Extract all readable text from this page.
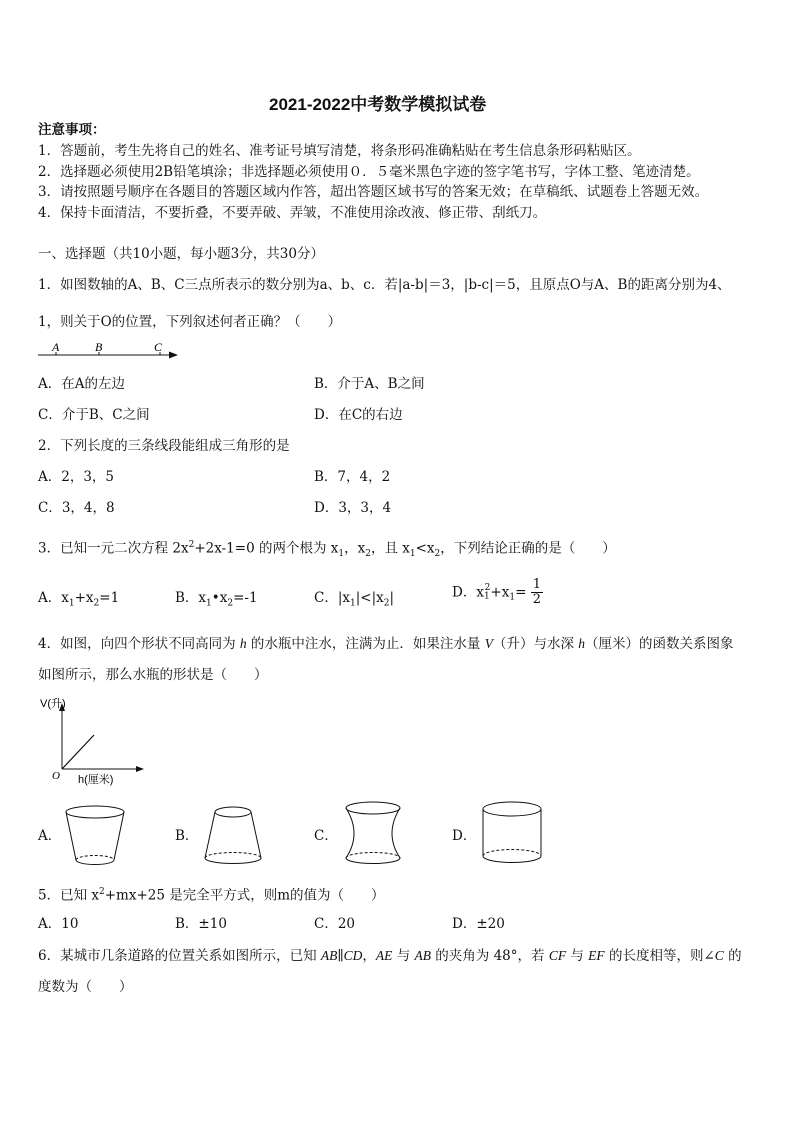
2021-2022中考数学模拟试卷
注意事项：
1．答题前，考生先将自己的姓名、准考证号填写清楚，将条形码准确粘贴在考生信息条形码粘贴区。
2．选择题必须使用2B铅笔填涂；非选择题必须使用０．５毫米黑色字迹的签字笔书写，字体工整、笔迹清楚。
3．请按照题号顺序在各题目的答题区域内作答，超出答题区域书写的答案无效；在草稿纸、试题卷上答题无效。
4．保持卡面清洁，不要折叠，不要弄破、弄皱，不准使用涂改液、修正带、刮纸刀。
一、选择题（共10小题，每小题3分，共30分）
1．如图数轴的A、B、C三点所表示的数分别为a、b、c．若|a-b|＝3，|b-c|＝5，且原点O与A、B的距离分别为4、
1，则关于O的位置，下列叙述何者正确？（　　）
A	B	C
A．在A的左边	B．介于A、B之间
C．介于B、C之间	D．在C的右边
2．下列长度的三条线段能组成三角形的是
A．2，3，5	B．7，4，2
C．3，4，8	D．3，3，4
3．已知一元二次方程 $2x^2+2x-1=0$ 的两个根为 $x_1$，$x_2$，且 $x_1<x_2$，下列结论正确的是（　　）
A．$x_1+x_2=1$	B．$x_1•x_2=-1$	C．$|x_1|<|x_2|$	D．$x_1^2+x_1= \frac{1}{2}$
4．如图，向四个形状不同高同为 h 的水瓶中注水，注满为止．如果注水量 V（升）与水深 h（厘米）的函数关系图象
如图所示，那么水瓶的形状是（　　）
V(升)
O h(厘米)
A．	B．	C．	D．
5．已知 $x^2+mx+25$ 是完全平方式，则m的值为（　　）
A．10	B．±10	C．20	D．±20
6．某城市几条道路的位置关系如图所示，已知 AB∥CD，AE 与 AB 的夹角为 48°，若 CF 与 EF 的长度相等，则∠C 的
度数为（　　）
